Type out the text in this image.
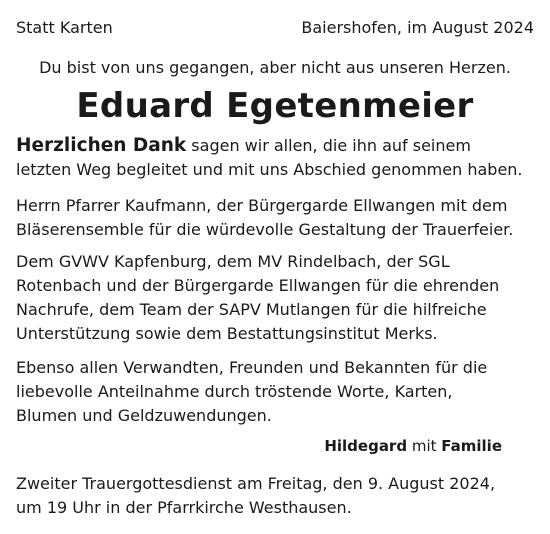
Statt Karten	Baiershofen, im August 2024
Du bist von uns gegangen, aber nicht aus unseren Herzen.
Eduard Egetenmeier
Herzlichen Dank sagen wir allen, die ihn auf seinem
letzten Weg begleitet und mit uns Abschied genommen haben.
Herrn Pfarrer Kaufmann, der Bürgergarde Ellwangen mit dem
Bläserensemble für die würdevolle Gestaltung der Trauerfeier.
Dem GVWV Kapfenburg, dem MV Rindelbach, der SGL
Rotenbach und der Bürgergarde Ellwangen für die ehrenden
Nachrufe, dem Team der SAPV Mutlangen für die hilfreiche
Unterstützung sowie dem Bestattungsinstitut Merks.
Ebenso allen Verwandten, Freunden und Bekannten für die
liebevolle Anteilnahme durch tröstende Worte, Karten,
Blumen und Geldzuwendungen.
Hildegard mit Familie
Zweiter Trauergottesdienst am Freitag, den 9. August 2024,
um 19 Uhr in der Pfarrkirche Westhausen.
